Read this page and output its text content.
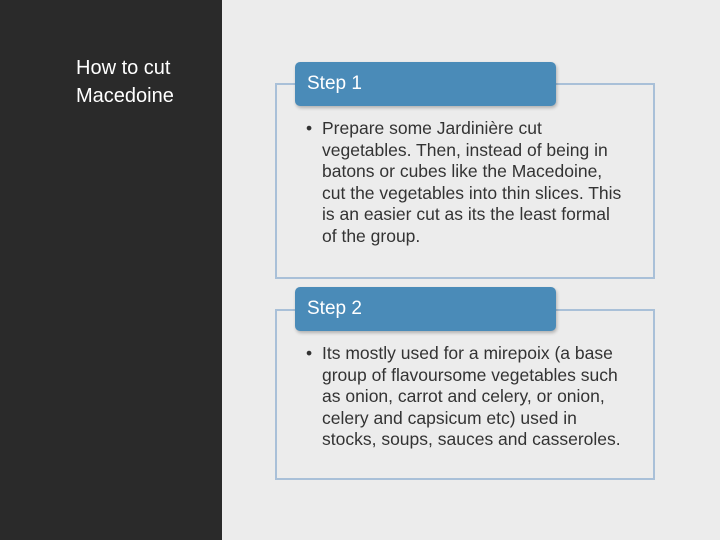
How to cut Macedoine
Step 1
• Prepare some Jardinière cut vegetables. Then, instead of being in batons or cubes like the Macedoine, cut the vegetables into thin slices. This is an easier cut as its the least formal of the group.
Step 2
• Its mostly used for a mirepoix (a base group of flavoursome vegetables such as onion, carrot and celery, or onion, celery and capsicum etc) used in stocks, soups, sauces and casseroles.
